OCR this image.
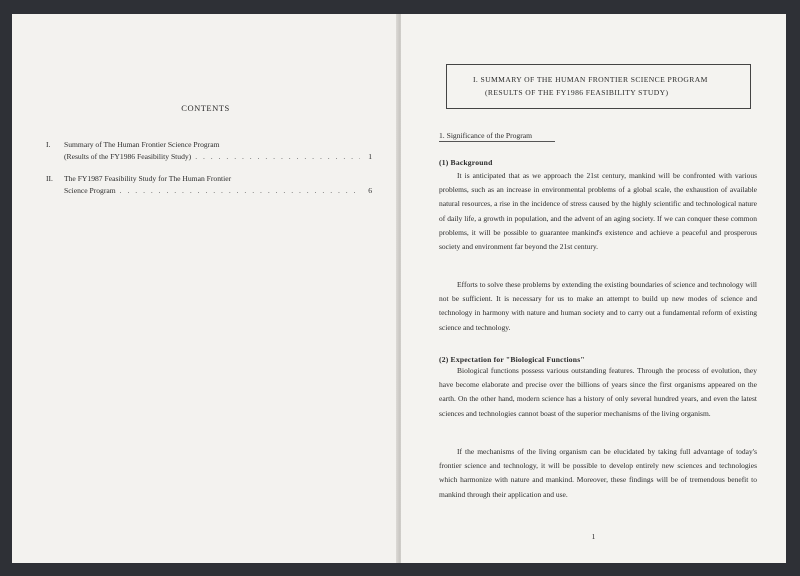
CONTENTS
I. Summary of The Human Frontier Science Program
(Results of the FY1986 Feasibility Study) . . .	1
II. The FY1987 Feasibility Study for The Human Frontier
Science Program . . .	6
I. SUMMARY OF THE HUMAN FRONTIER SCIENCE PROGRAM
(RESULTS OF THE FY1986 FEASIBILITY STUDY)
1. Significance of the Program
(1) Background

It is anticipated that as we approach the 21st century, mankind will be confronted with various problems, such as an increase in environmental problems of a global scale, the exhaustion of available natural resources, a rise in the incidence of stress caused by the highly scientific and technological nature of daily life, a growth in population, and the advent of an aging society. If we can conquer these common problems, it will be possible to guarantee mankind's existence and achieve a peaceful and prosperous society and environment far beyond the 21st century.

Efforts to solve these problems by extending the existing boundaries of science and technology will not be sufficient. It is necessary for us to make an attempt to build up new modes of science and technology in harmony with nature and human society and to carry out a fundamental reform of existing science and technology.

(2) Expectation for "Biological Functions"

Biological functions possess various outstanding features. Through the process of evolution, they have become elaborate and precise over the billions of years since the first organisms appeared on the earth. On the other hand, modern science has a history of only several hundred years, and even the latest sciences and technologies cannot boast of the superior mechanisms of the living organism.

If the mechanisms of the living organism can be elucidated by taking full advantage of today's frontier science and technology, it will be possible to develop entirely new sciences and technologies which harmonize with nature and mankind. Moreover, these findings will be of tremendous benefit to mankind through their application and use.

1
